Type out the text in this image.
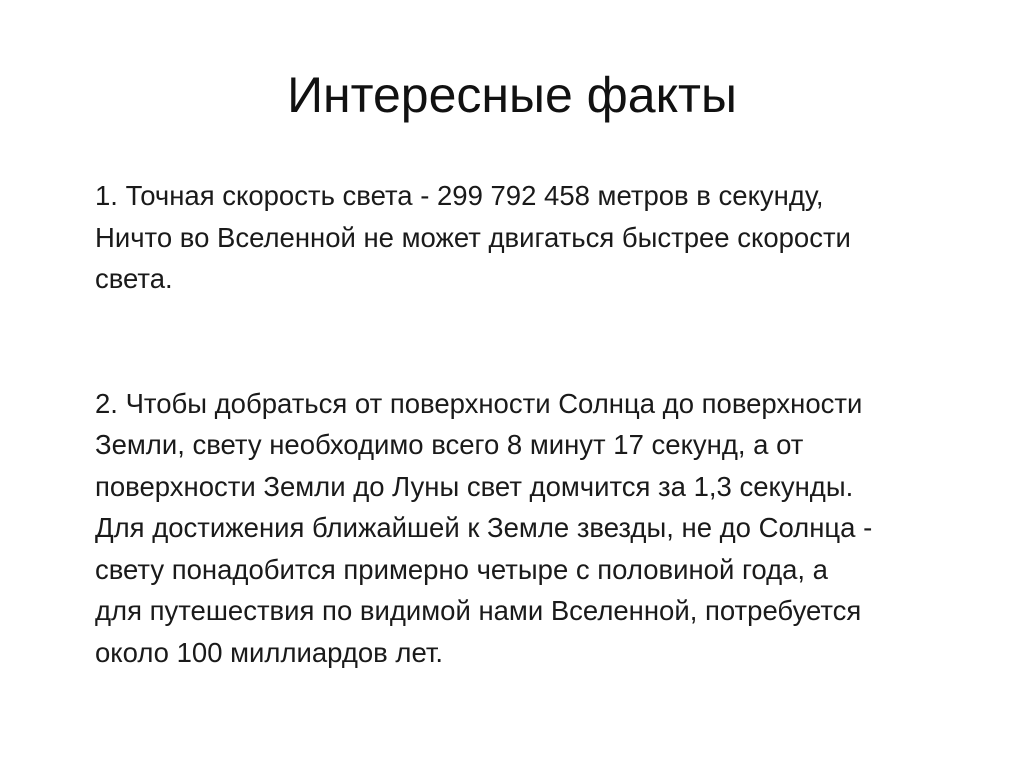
Интересные факты
1. Точная скорость света - 299 792 458 метров в секунду,
Ничто во Вселенной не может двигаться быстрее скорости
света.
2. Чтобы добраться от поверхности Солнца до поверхности
Земли, свету необходимо всего 8 минут 17 секунд, а от
поверхности Земли до Луны свет домчится за 1,3 секунды.
Для достижения ближайшей к Земле звезды, не до Солнца -
свету понадобится примерно четыре с половиной года, а
для путешествия по видимой нами Вселенной, потребуется
около 100 миллиардов лет.
